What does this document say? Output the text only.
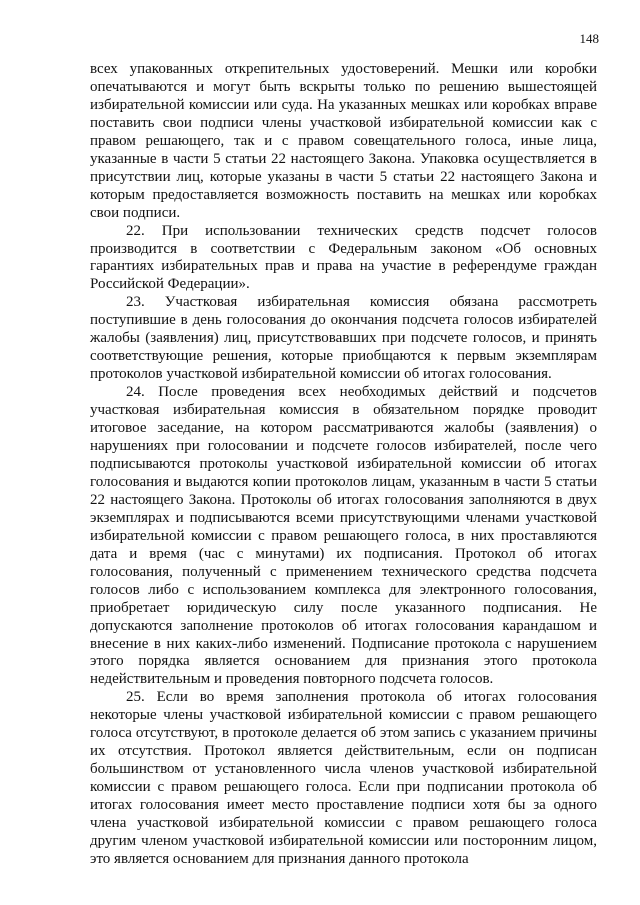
148

всех упакованных открепительных удостоверений. Мешки или коробки опечатываются и могут быть вскрыты только по решению вышестоящей избирательной комиссии или суда. На указанных мешках или коробках вправе поставить свои подписи члены участковой избирательной комиссии как с правом решающего, так и с правом совещательного голоса, иные лица, указанные в части 5 статьи 22 настоящего Закона. Упаковка осуществляется в присутствии лиц, которые указаны в части 5 статьи 22 настоящего Закона и которым предоставляется возможность поставить на мешках или коробках свои подписи.

22. При использовании технических средств подсчет голосов производится в соответствии с Федеральным законом «Об основных гарантиях избирательных прав и права на участие в референдуме граждан Российской Федерации».

23. Участковая избирательная комиссия обязана рассмотреть поступившие в день голосования до окончания подсчета голосов избирателей жалобы (заявления) лиц, присутствовавших при подсчете голосов, и принять соответствующие решения, которые приобщаются к первым экземплярам протоколов участковой избирательной комиссии об итогах голосования.

24. После проведения всех необходимых действий и подсчетов участковая избирательная комиссия в обязательном порядке проводит итоговое заседание, на котором рассматриваются жалобы (заявления) о нарушениях при голосовании и подсчете голосов избирателей, после чего подписываются протоколы участковой избирательной комиссии об итогах голосования и выдаются копии протоколов лицам, указанным в части 5 статьи 22 настоящего Закона. Протоколы об итогах голосования заполняются в двух экземплярах и подписываются всеми присутствующими членами участковой избирательной комиссии с правом решающего голоса, в них проставляются дата и время (час с минутами) их подписания. Протокол об итогах голосования, полученный с применением технического средства подсчета голосов либо с использованием комплекса для электронного голосования, приобретает юридическую силу после указанного подписания. Не допускаются заполнение протоколов об итогах голосования карандашом и внесение в них каких-либо изменений. Подписание протокола с нарушением этого порядка является основанием для признания этого протокола недействительным и проведения повторного подсчета голосов.

25. Если во время заполнения протокола об итогах голосования некоторые члены участковой избирательной комиссии с правом решающего голоса отсутствуют, в протоколе делается об этом запись с указанием причины их отсутствия. Протокол является действительным, если он подписан большинством от установленного числа членов участковой избирательной комиссии с правом решающего голоса. Если при подписании протокола об итогах голосования имеет место проставление подписи хотя бы за одного члена участковой избирательной комиссии с правом решающего голоса другим членом участковой избирательной комиссии или посторонним лицом, это является основанием для признания данного протокола
